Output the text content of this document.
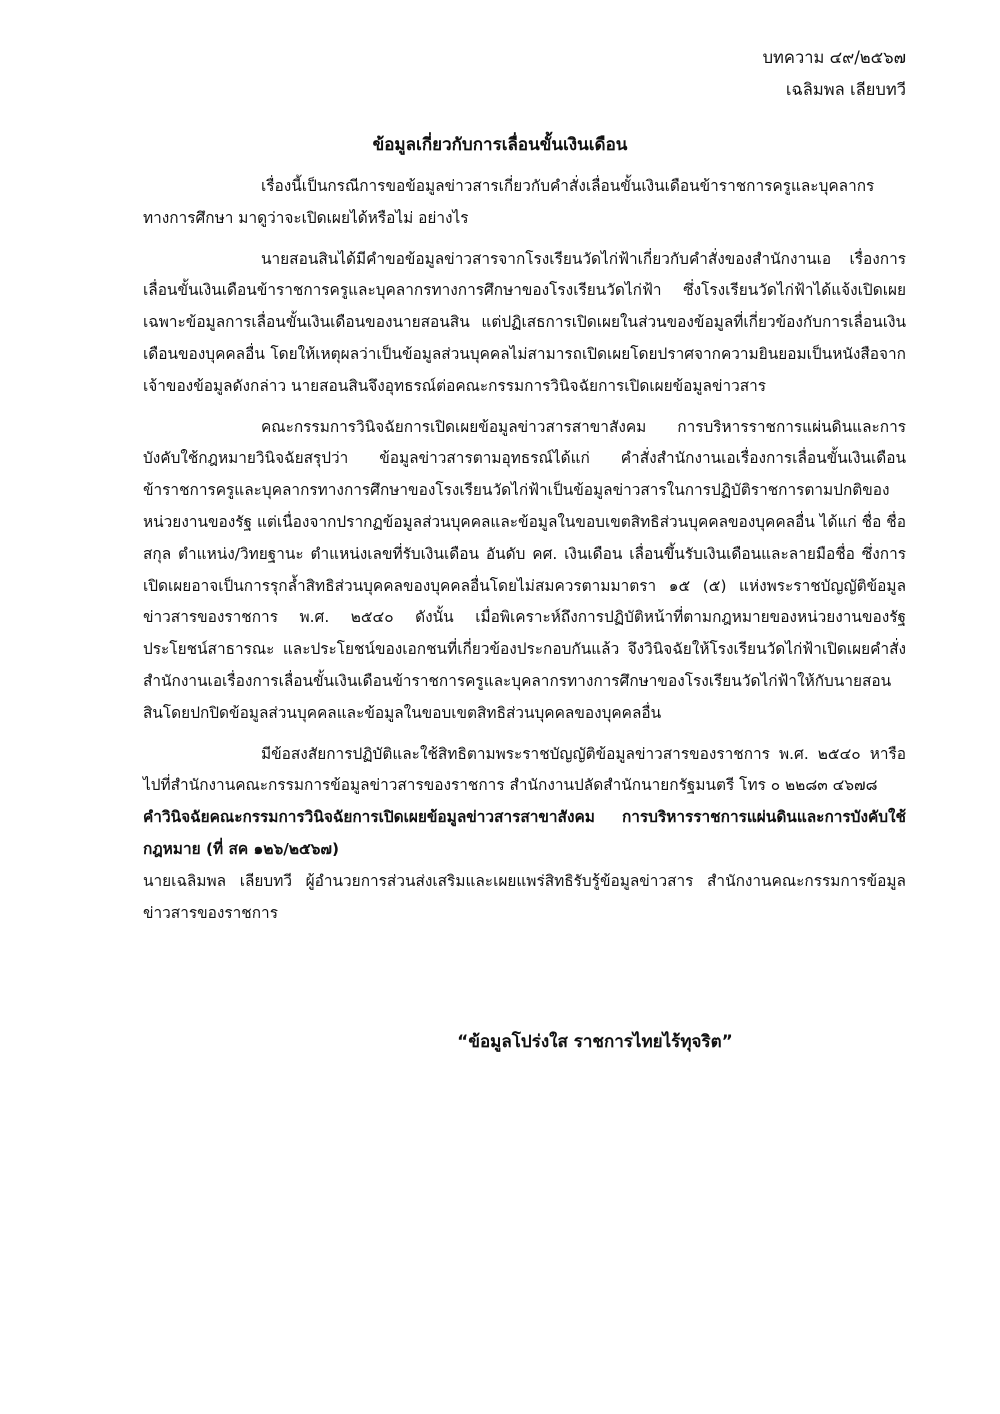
บทความ ๔๙/๒๕๖๗
เฉลิมพล เลียบทวี
ข้อมูลเกี่ยวกับการเลื่อนขั้นเงินเดือน

เรื่องนี้เป็นกรณีการขอข้อมูลข่าวสารเกี่ยวกับคำสั่งเลื่อนขั้นเงินเดือนข้าราชการครูและบุคลากรทางการศึกษา มาดูว่าจะเปิดเผยได้หรือไม่ อย่างไร

นายสอนสินได้มีคำขอข้อมูลข่าวสารจากโรงเรียนวัดไก่ฟ้าเกี่ยวกับคำสั่งของสำนักงานเอ เรื่องการเลื่อนขั้นเงินเดือนข้าราชการครูและบุคลากรทางการศึกษาของโรงเรียนวัดไก่ฟ้า ซึ่งโรงเรียนวัดไก่ฟ้าได้แจ้งเปิดเผยเฉพาะข้อมูลการเลื่อนขั้นเงินเดือนของนายสอนสิน แต่ปฏิเสธการเปิดเผยในส่วนของข้อมูลที่เกี่ยวข้องกับการเลื่อนเงินเดือนของบุคคลอื่น โดยให้เหตุผลว่าเป็นข้อมูลส่วนบุคคลไม่สามารถเปิดเผยโดยปราศจากความยินยอมเป็นหนังสือจากเจ้าของข้อมูลดังกล่าว นายสอนสินจึงอุทธรณ์ต่อคณะกรรมการวินิจฉัยการเปิดเผยข้อมูลข่าวสาร

คณะกรรมการวินิจฉัยการเปิดเผยข้อมูลข่าวสารสาขาสังคม การบริหารราชการแผ่นดินและการบังคับใช้กฎหมายวินิจฉัยสรุปว่า ข้อมูลข่าวสารตามอุทธรณ์ได้แก่ คำสั่งสำนักงานเอเรื่องการเลื่อนขั้นเงินเดือนข้าราชการครูและบุคลากรทางการศึกษาของโรงเรียนวัดไก่ฟ้าเป็นข้อมูลข่าวสารในการปฏิบัติราชการตามปกติของหน่วยงานของรัฐ แต่เนื่องจากปรากฏข้อมูลส่วนบุคคลและข้อมูลในขอบเขตสิทธิส่วนบุคคลของบุคคลอื่น ได้แก่ ชื่อ ชื่อสกุล ตำแหน่ง/วิทยฐานะ ตำแหน่งเลขที่รับเงินเดือน อันดับ คศ. เงินเดือน เลื่อนขึ้นรับเงินเดือนและลายมือชื่อ ซึ่งการเปิดเผยอาจเป็นการรุกล้ำสิทธิส่วนบุคคลของบุคคลอื่นโดยไม่สมควรตามมาตรา ๑๕ (๕) แห่งพระราชบัญญัติข้อมูลข่าวสารของราชการ พ.ศ. ๒๕๔๐ ดังนั้น เมื่อพิเคราะห์ถึงการปฏิบัติหน้าที่ตามกฎหมายของหน่วยงานของรัฐ ประโยชน์สาธารณะ และประโยชน์ของเอกชนที่เกี่ยวข้องประกอบกันแล้ว จึงวินิจฉัยให้โรงเรียนวัดไก่ฟ้าเปิดเผยคำสั่งสำนักงานเอเรื่องการเลื่อนขั้นเงินเดือนข้าราชการครูและบุคลากรทางการศึกษาของโรงเรียนวัดไก่ฟ้าให้กับนายสอนสินโดยปกปิดข้อมูลส่วนบุคคลและข้อมูลในขอบเขตสิทธิส่วนบุคคลของบุคคลอื่น

มีข้อสงสัยการปฏิบัติและใช้สิทธิตามพระราชบัญญัติข้อมูลข่าวสารของราชการ พ.ศ. ๒๕๔๐ หารือไปที่สำนักงานคณะกรรมการข้อมูลข่าวสารของราชการ สำนักงานปลัดสำนักนายกรัฐมนตรี โทร ๐ ๒๒๘๓ ๔๖๗๘

คำวินิจฉัยคณะกรรมการวินิจฉัยการเปิดเผยข้อมูลข่าวสารสาขาสังคม การบริหารราชการแผ่นดินและการบังคับใช้กฎหมาย (ที่ สค ๑๒๖/๒๕๖๗)

นายเฉลิมพล เลียบทวี ผู้อำนวยการส่วนส่งเสริมและเผยแพร่สิทธิรับรู้ข้อมูลข่าวสาร สำนักงานคณะกรรมการข้อมูลข่าวสารของราชการ

“ข้อมูลโปร่งใส ราชการไทยไร้ทุจริต”
